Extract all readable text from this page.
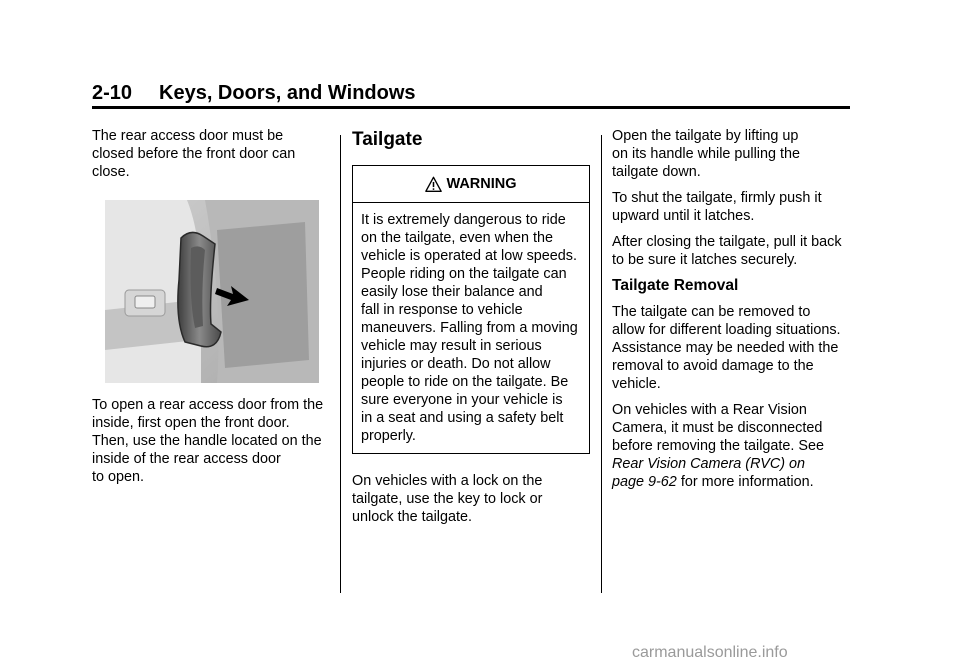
2-10 Keys, Doors, and Windows

The rear access door must be
closed before the front door can
close.

To open a rear access door from the
inside, first open the front door.
Then, use the handle located on the
inside of the rear access door
to open.

Tailgate
WARNING
It is extremely dangerous to ride
on the tailgate, even when the
vehicle is operated at low speeds.
People riding on the tailgate can
easily lose their balance and
fall in response to vehicle
maneuvers. Falling from a moving
vehicle may result in serious
injuries or death. Do not allow
people to ride on the tailgate. Be
sure everyone in your vehicle is
in a seat and using a safety belt
properly.

On vehicles with a lock on the
tailgate, use the key to lock or
unlock the tailgate.

Open the tailgate by lifting up
on its handle while pulling the
tailgate down.

To shut the tailgate, firmly push it
upward until it latches.

After closing the tailgate, pull it back
to be sure it latches securely.

Tailgate Removal

The tailgate can be removed to
allow for different loading situations.
Assistance may be needed with the
removal to avoid damage to the
vehicle.

On vehicles with a Rear Vision
Camera, it must be disconnected
before removing the tailgate. See
Rear Vision Camera (RVC) on
page 9-62 for more information.

carmanualsonline.info
